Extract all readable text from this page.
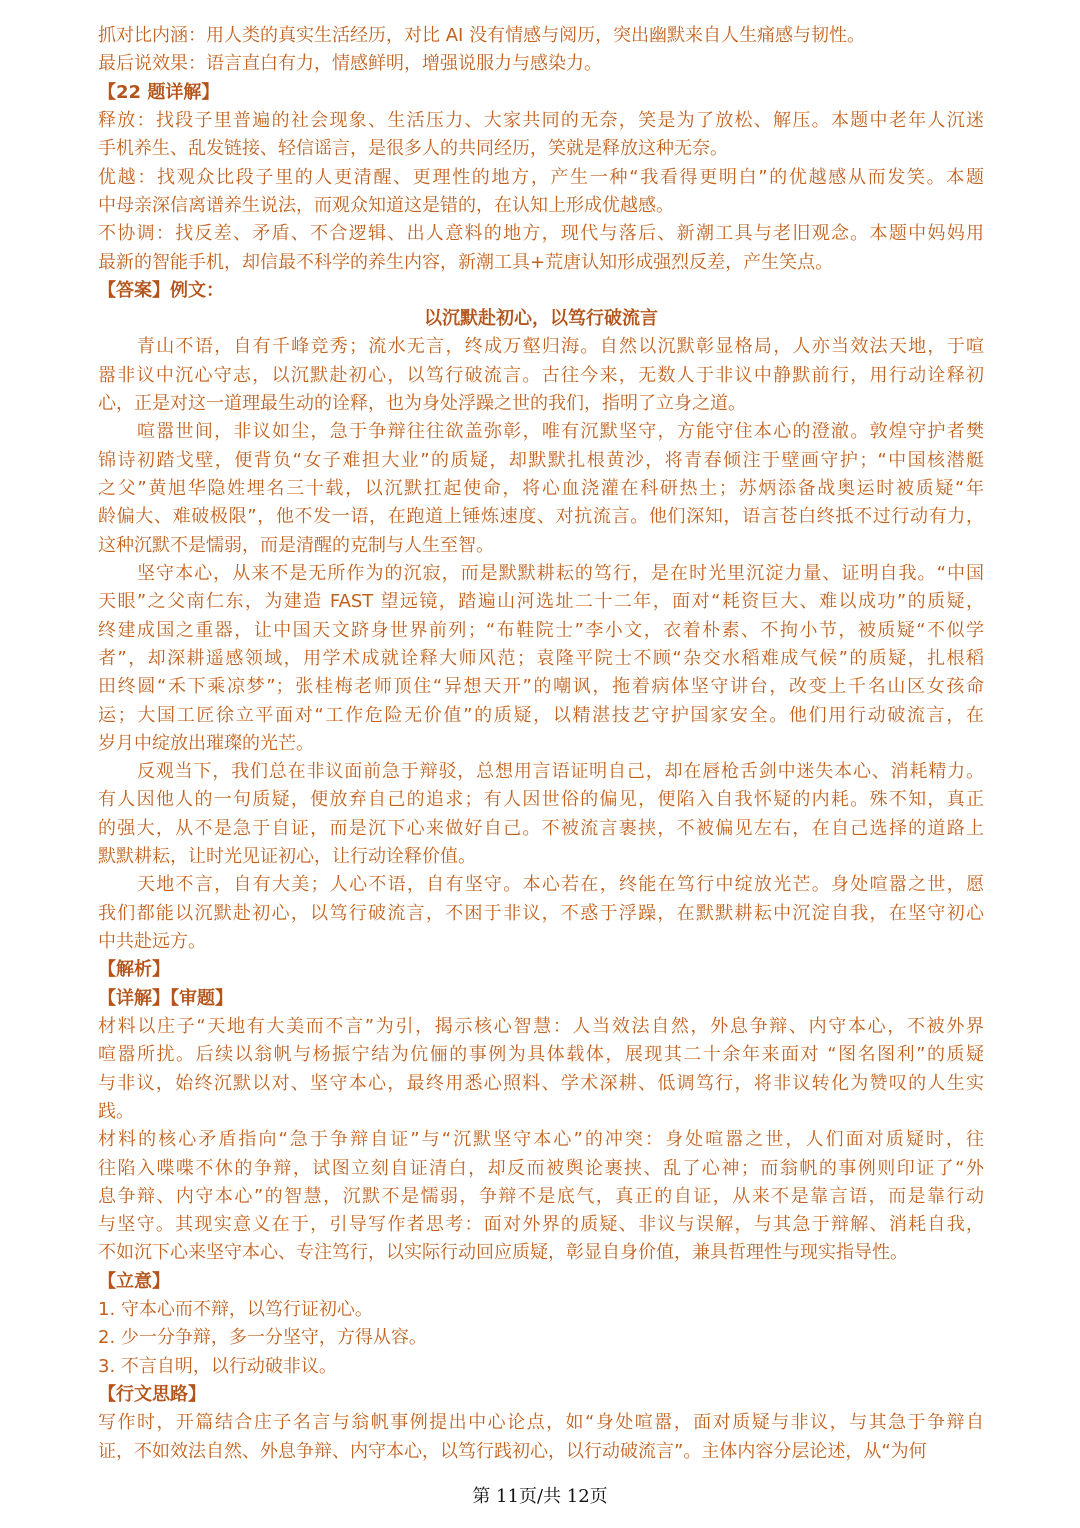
抓对比内涵：用人类的真实生活经历，对比 AI 没有情感与阅历，突出幽默来自人生痛感与韧性。
最后说效果：语言直白有力，情感鲜明，增强说服力与感染力。
【22 题详解】
释放：找段子里普遍的社会现象、生活压力、大家共同的无奈，笑是为了放松、解压。本题中老年人沉迷
手机养生、乱发链接、轻信谣言，是很多人的共同经历，笑就是释放这种无奈。
优越：找观众比段子里的人更清醒、更理性的地方，产生一种“我看得更明白”的优越感从而发笑。本题
中母亲深信离谱养生说法，而观众知道这是错的，在认知上形成优越感。
不协调：找反差、矛盾、不合逻辑、出人意料的地方，现代与落后、新潮工具与老旧观念。本题中妈妈用
最新的智能手机，却信最不科学的养生内容，新潮工具+荒唐认知形成强烈反差，产生笑点。
【答案】例文：
以沉默赴初心，以笃行破流言
青山不语，自有千峰竞秀；流水无言，终成万壑归海。自然以沉默彰显格局，人亦当效法天地，于喧
嚣非议中沉心守志，以沉默赴初心，以笃行破流言。古往今来，无数人于非议中静默前行，用行动诠释初
心，正是对这一道理最生动的诠释，也为身处浮躁之世的我们，指明了立身之道。
喧嚣世间，非议如尘，急于争辩往往欲盖弥彰，唯有沉默坚守，方能守住本心的澄澈。敦煌守护者樊
锦诗初踏戈壁，便背负“女子难担大业”的质疑，却默默扎根黄沙，将青春倾注于壁画守护；“中国核潜艇
之父”黄旭华隐姓埋名三十载，以沉默扛起使命，将心血浇灌在科研热土；苏炳添备战奥运时被质疑“年
龄偏大、难破极限”，他不发一语，在跑道上锤炼速度、对抗流言。他们深知，语言苍白终抵不过行动有力，
这种沉默不是懦弱，而是清醒的克制与人生至智。
坚守本心，从来不是无所作为的沉寂，而是默默耕耘的笃行，是在时光里沉淀力量、证明自我。“中国
天眼”之父南仁东，为建造 FAST 望远镜，踏遍山河选址二十二年，面对“耗资巨大、难以成功”的质疑，
终建成国之重器，让中国天文跻身世界前列；“布鞋院士”李小文，衣着朴素、不拘小节，被质疑“不似学
者”，却深耕遥感领域，用学术成就诠释大师风范；袁隆平院士不顾“杂交水稻难成气候”的质疑，扎根稻
田终圆“禾下乘凉梦”；张桂梅老师顶住“异想天开”的嘲讽，拖着病体坚守讲台，改变上千名山区女孩命
运；大国工匠徐立平面对“工作危险无价值”的质疑，以精湛技艺守护国家安全。他们用行动破流言，在
岁月中绽放出璀璨的光芒。
反观当下，我们总在非议面前急于辩驳，总想用言语证明自己，却在唇枪舌剑中迷失本心、消耗精力。
有人因他人的一句质疑，便放弃自己的追求；有人因世俗的偏见，便陷入自我怀疑的内耗。殊不知，真正
的强大，从不是急于自证，而是沉下心来做好自己。不被流言裹挟，不被偏见左右，在自己选择的道路上
默默耕耘，让时光见证初心，让行动诠释价值。
天地不言，自有大美；人心不语，自有坚守。本心若在，终能在笃行中绽放光芒。身处喧嚣之世，愿
我们都能以沉默赴初心，以笃行破流言，不困于非议，不惑于浮躁，在默默耕耘中沉淀自我，在坚守初心
中共赴远方。
【解析】
【详解】【审题】
材料以庄子“天地有大美而不言”为引，揭示核心智慧：人当效法自然，外息争辩、内守本心，不被外界
喧嚣所扰。后续以翁帆与杨振宁结为伉俪的事例为具体载体，展现其二十余年来面对 “图名图利”的质疑
与非议，始终沉默以对、坚守本心，最终用悉心照料、学术深耕、低调笃行，将非议转化为赞叹的人生实
践。
材料的核心矛盾指向“急于争辩自证”与“沉默坚守本心”的冲突：身处喧嚣之世，人们面对质疑时，往
往陷入喋喋不休的争辩，试图立刻自证清白，却反而被舆论裹挟、乱了心神；而翁帆的事例则印证了“外
息争辩、内守本心”的智慧，沉默不是懦弱，争辩不是底气，真正的自证，从来不是靠言语，而是靠行动
与坚守。其现实意义在于，引导写作者思考：面对外界的质疑、非议与误解，与其急于辩解、消耗自我，
不如沉下心来坚守本心、专注笃行，以实际行动回应质疑，彰显自身价值，兼具哲理性与现实指导性。
【立意】
1. 守本心而不辩，以笃行证初心。
2. 少一分争辩，多一分坚守，方得从容。
3. 不言自明，以行动破非议。
【行文思路】
写作时，开篇结合庄子名言与翁帆事例提出中心论点，如“身处喧嚣，面对质疑与非议，与其急于争辩自
证，不如效法自然、外息争辩、内守本心，以笃行践初心，以行动破流言”。主体内容分层论述，从“为何
第 11页/共 12页
